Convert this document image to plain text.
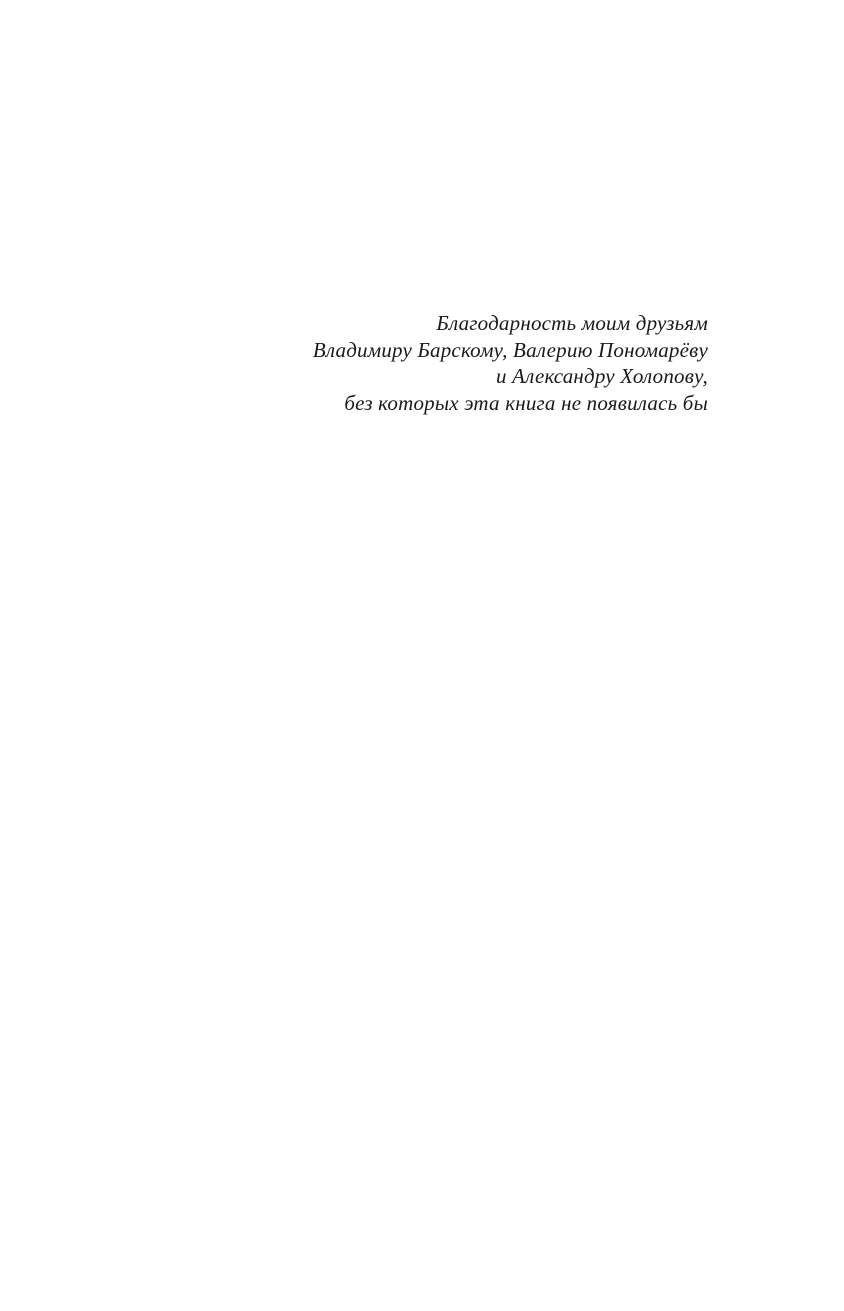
Благодарность моим друзьям
Владимиру Барскому, Валерию Пономарёву
и Александру Холопову,
без которых эта книга не появилась бы
